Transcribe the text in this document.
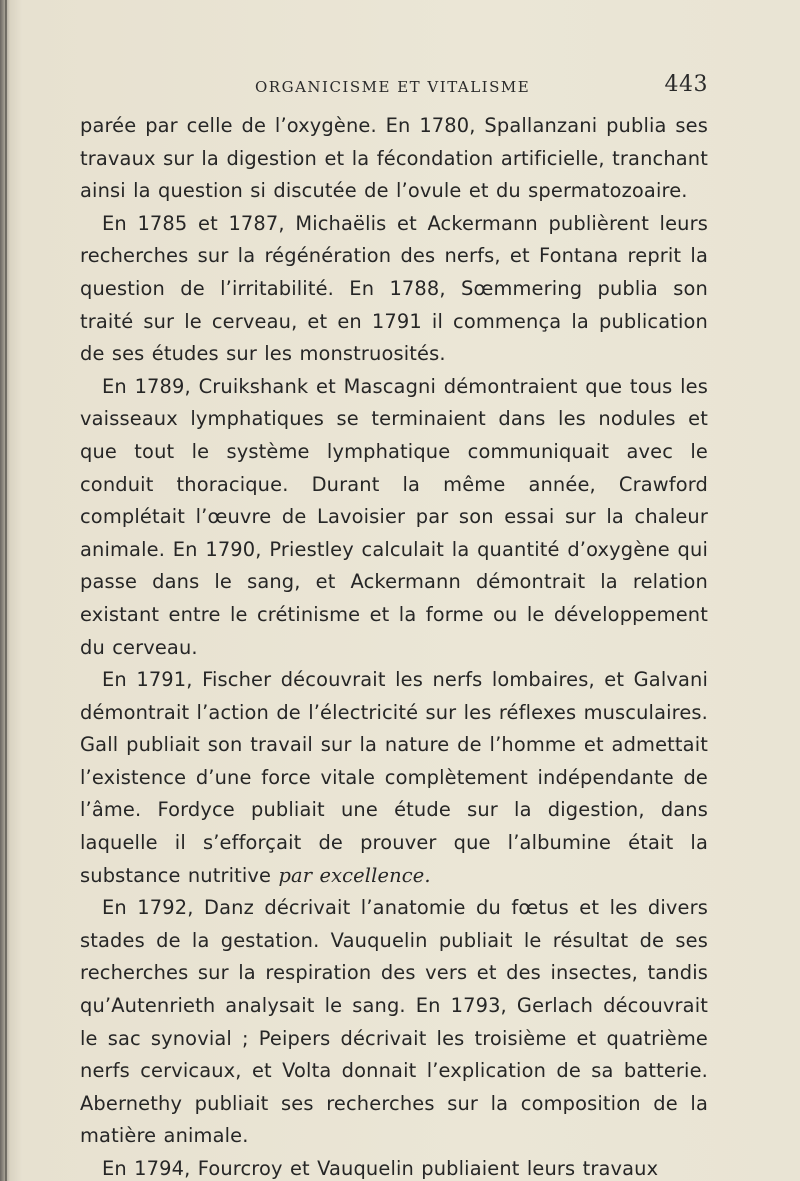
ORGANICISME ET VITALISME	443

parée par celle de l’oxygène. En 1780, Spallanzani publia ses travaux sur la digestion et la fécondation artificielle, tranchant ainsi la question si discutée de l’ovule et du spermatozoaire.

En 1785 et 1787, Michaëlis et Ackermann publièrent leurs recherches sur la régénération des nerfs, et Fontana reprit la question de l’irritabilité. En 1788, Sœmmering publia son traité sur le cerveau, et en 1791 il commença la publication de ses études sur les monstruosités.

En 1789, Cruikshank et Mascagni démontraient que tous les vaisseaux lymphatiques se terminaient dans les nodules et que tout le système lymphatique communiquait avec le conduit thoracique. Durant la même année, Crawford complétait l’œuvre de Lavoisier par son essai sur la chaleur animale. En 1790, Priestley calculait la quantité d’oxygène qui passe dans le sang, et Ackermann démontrait la relation existant entre le crétinisme et la forme ou le développement du cerveau.

En 1791, Fischer découvrait les nerfs lombaires, et Galvani démontrait l’action de l’électricité sur les réflexes musculaires. Gall publiait son travail sur la nature de l’homme et admettait l’existence d’une force vitale complètement indépendante de l’âme. Fordyce publiait une étude sur la digestion, dans laquelle il s’efforçait de prouver que l’albumine était la substance nutritive par excellence.

En 1792, Danz décrivait l’anatomie du fœtus et les divers stades de la gestation. Vauquelin publiait le résultat de ses recherches sur la respiration des vers et des insectes, tandis qu’Autenrieth analysait le sang. En 1793, Gerlach découvrait le sac synovial ; Peipers décrivait les troisième et quatrième nerfs cervicaux, et Volta donnait l’explication de sa batterie. Abernethy publiait ses recherches sur la composition de la matière animale.

En 1794, Fourcroy et Vauquelin publiaient leurs travaux
